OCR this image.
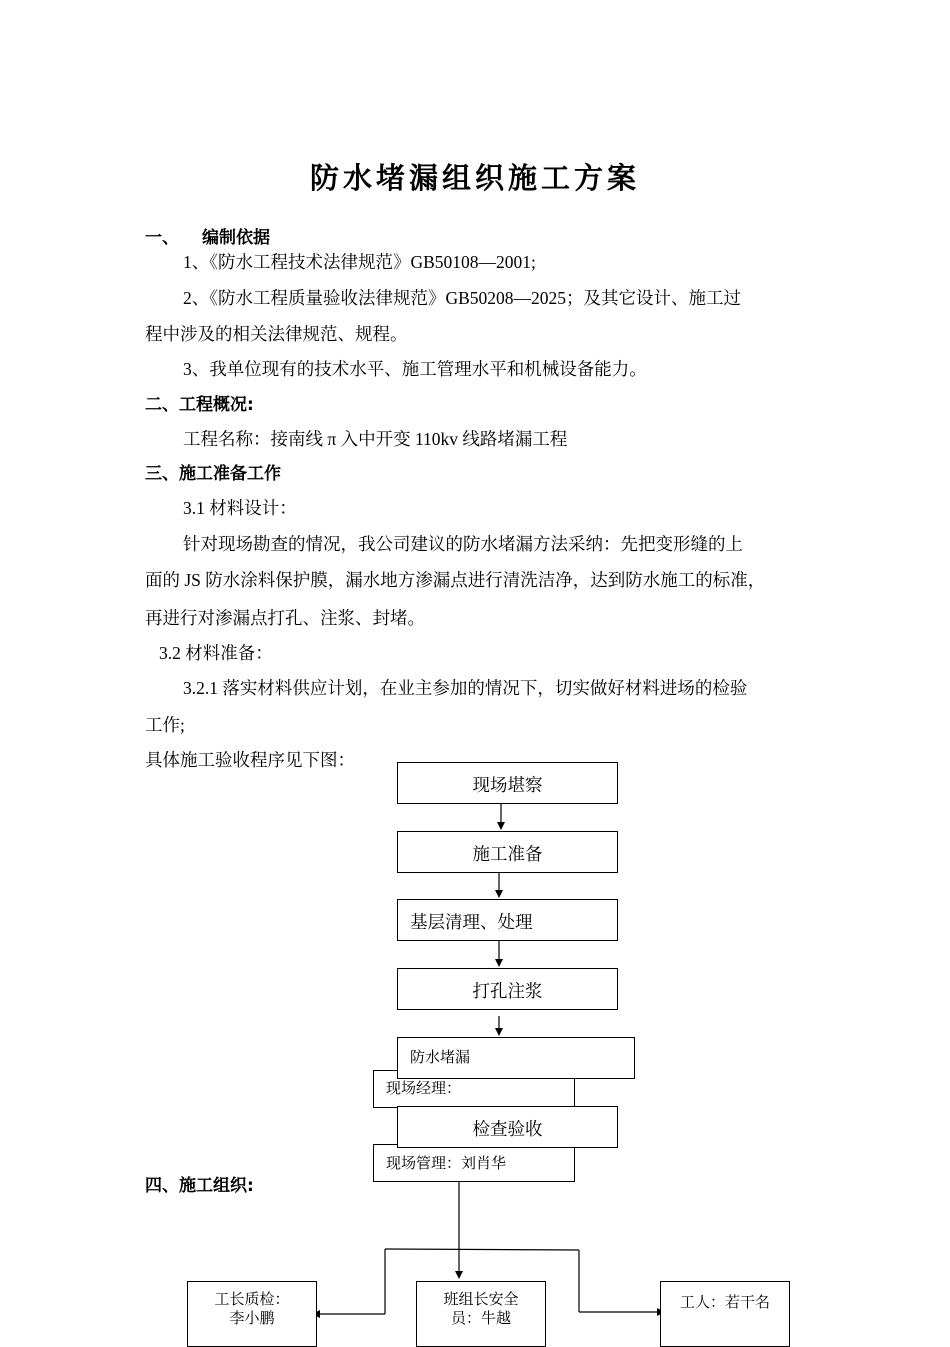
防水堵漏组织施工方案
一、 编制依据
1、《防水工程技术法律规范》GB50108—2001;
2、《防水工程质量验收法律规范》GB50208—2025；及其它设计、施工过
程中涉及的相关法律规范、规程。
3、我单位现有的技术水平、施工管理水平和机械设备能力。
二、工程概况:
工程名称：接南线 π 入中开变 110kv 线路堵漏工程
三、施工准备工作
3.1 材料设计：
针对现场勘查的情况，我公司建议的防水堵漏方法采纳：先把变形缝的上
面的 JS 防水涂料保护膜，漏水地方渗漏点进行清洗洁净，达到防水施工的标准，
再进行对渗漏点打孔、注浆、封堵。
3.2 材料准备：
3.2.1 落实材料供应计划，在业主参加的情况下，切实做好材料进场的检验
工作;
具体施工验收程序见下图：
现场经理：
现场管理：刘肖华
现场堪察
施工准备
基层清理、处理
打孔注浆
防水堵漏
检查验收
四、施工组织:
工长质检：
李小鹏
班组长安全
员：牛越
工人：若干名
